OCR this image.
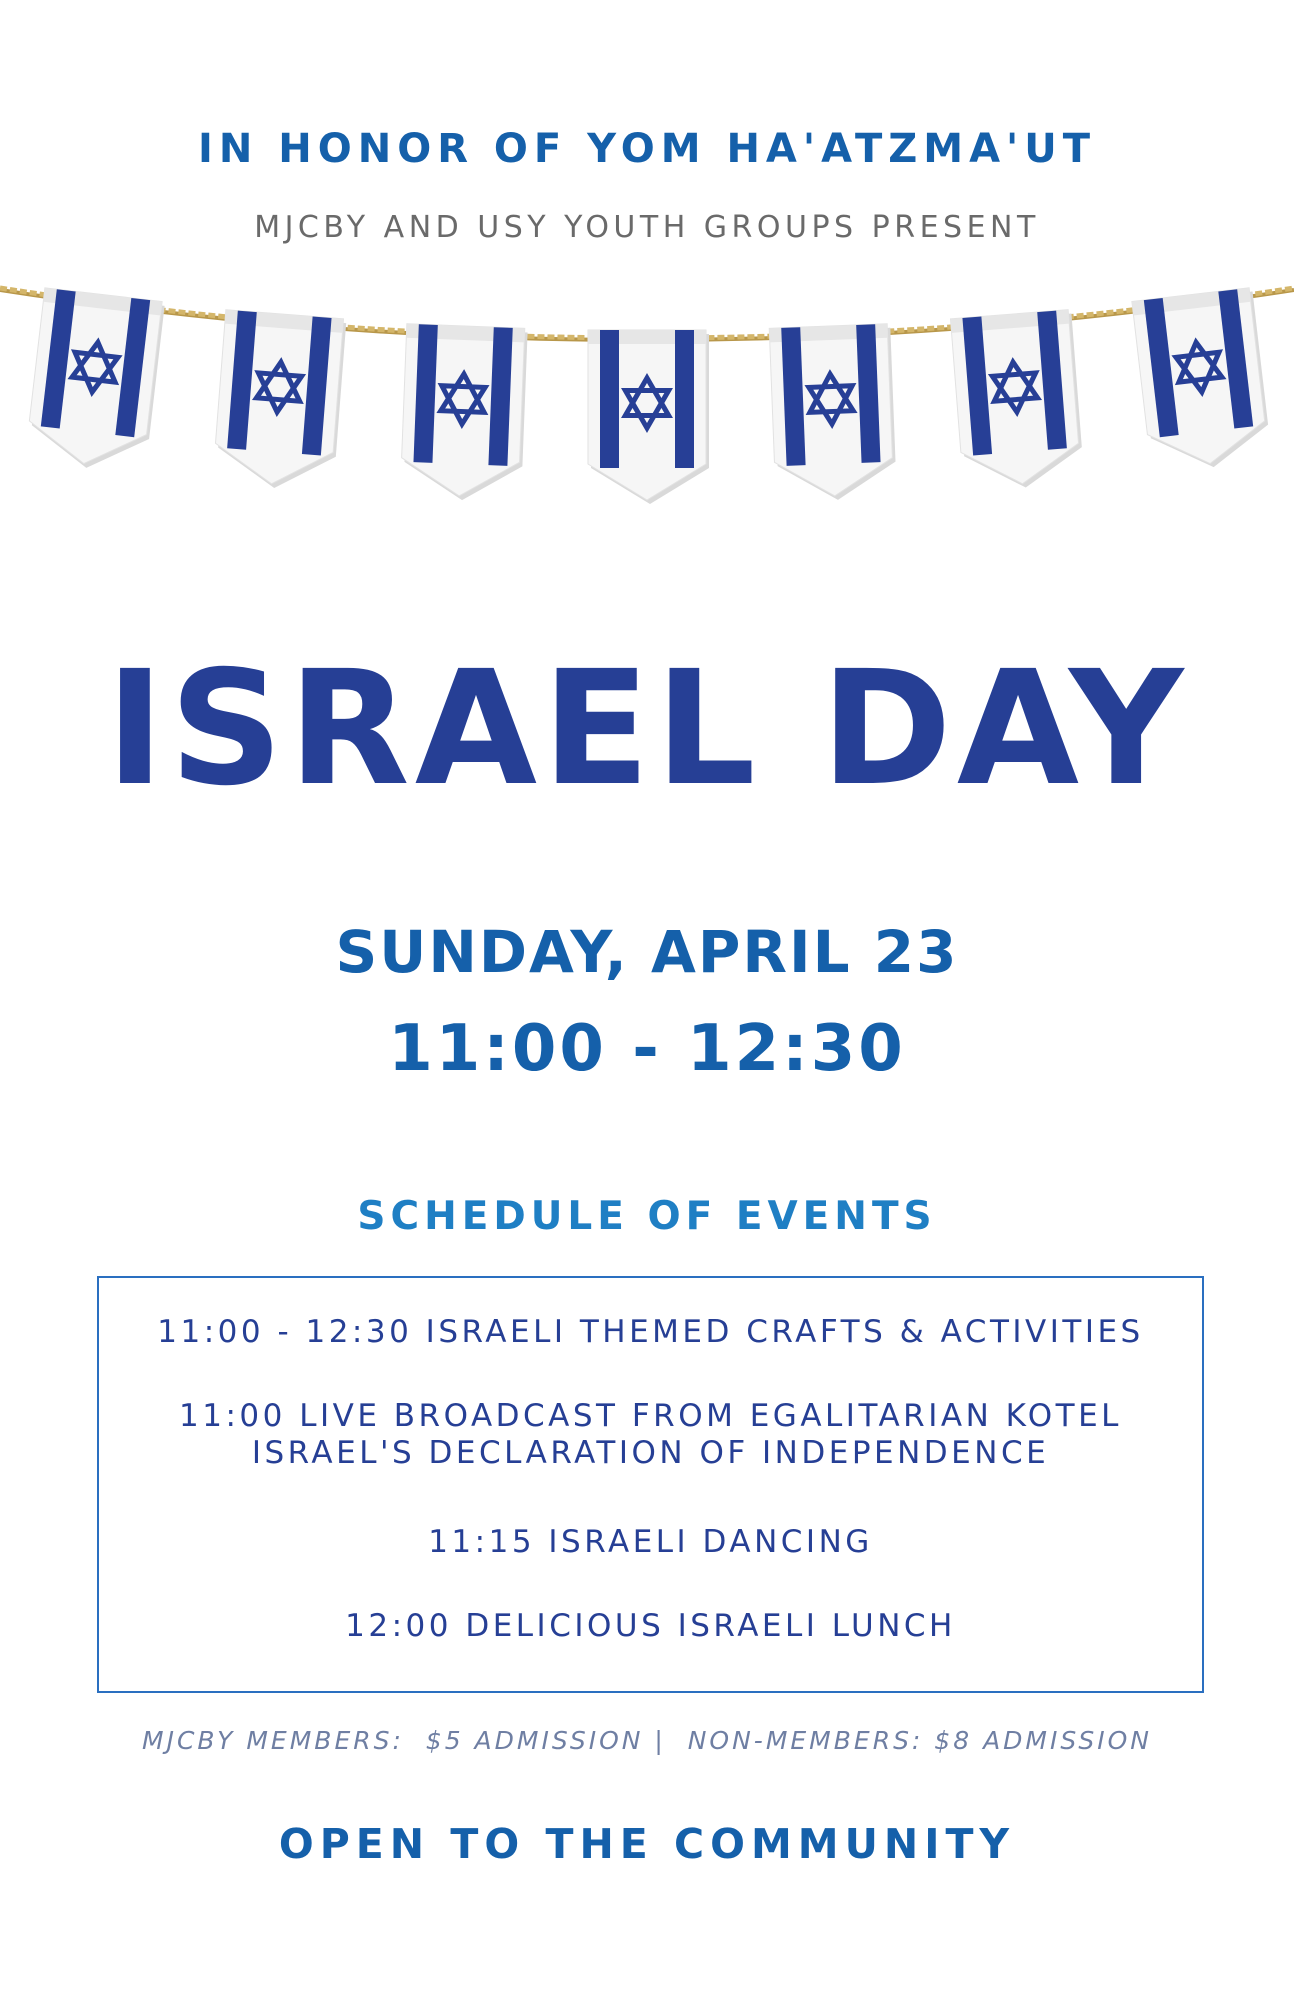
IN HONOR OF YOM HA'ATZMA'UT

MJCBY AND USY YOUTH GROUPS PRESENT

ISRAEL DAY

SUNDAY, APRIL 23

11:00 - 12:30

SCHEDULE OF EVENTS

11:00 - 12:30 ISRAELI THEMED CRAFTS & ACTIVITIES
11:00 LIVE BROADCAST FROM EGALITARIAN KOTEL
ISRAEL'S DECLARATION OF INDEPENDENCE
11:15 ISRAELI DANCING
12:00 DELICIOUS ISRAELI LUNCH

MJCBY MEMBERS:  $5 ADMISSION |  NON-MEMBERS: $8 ADMISSION

OPEN TO THE COMMUNITY
